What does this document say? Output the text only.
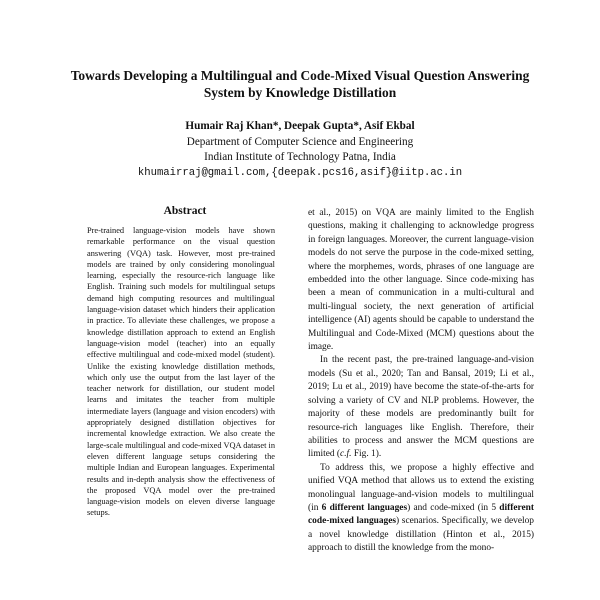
Towards Developing a Multilingual and Code-Mixed Visual Question Answering System by Knowledge Distillation
Humair Raj Khan*, Deepak Gupta*, Asif Ekbal
Department of Computer Science and Engineering
Indian Institute of Technology Patna, India
khumairraj@gmail.com,{deepak.pcs16,asif}@iitp.ac.in
Abstract
Pre-trained language-vision models have shown remarkable performance on the visual question answering (VQA) task. However, most pre-trained models are trained by only considering monolingual learning, especially the resource-rich language like English. Training such models for multilingual setups demand high computing resources and multilingual language-vision dataset which hinders their application in practice. To alleviate these challenges, we propose a knowledge distillation approach to extend an English language-vision model (teacher) into an equally effective multilingual and code-mixed model (student). Unlike the existing knowledge distillation methods, which only use the output from the last layer of the teacher network for distillation, our student model learns and imitates the teacher from multiple intermediate layers (language and vision encoders) with appropriately designed distillation objectives for incremental knowledge extraction. We also create the large-scale multilingual and code-mixed VQA dataset in eleven different language setups considering the multiple Indian and European languages. Experimental results and in-depth analysis show the effectiveness of the proposed VQA model over the pre-trained language-vision models on eleven diverse language setups.

et al., 2015) on VQA are mainly limited to the English questions, making it challenging to acknowledge progress in foreign languages. Moreover, the current language-vision models do not serve the purpose in the code-mixed setting, where the morphemes, words, phrases of one language are embedded into the other language. Since code-mixing has been a mean of communication in a multi-cultural and multi-lingual society, the next generation of artificial intelligence (AI) agents should be capable to understand the Multilingual and Code-Mixed (MCM) questions about the image.

In the recent past, the pre-trained language-and-vision models (Su et al., 2020; Tan and Bansal, 2019; Li et al., 2019; Lu et al., 2019) have become the state-of-the-arts for solving a variety of CV and NLP problems. However, the majority of these models are predominantly built for resource-rich languages like English. Therefore, their abilities to process and answer the MCM questions are limited (c.f. Fig. 1).

To address this, we propose a highly effective and unified VQA method that allows us to extend the existing monolingual language-and-vision models to multilingual (in 6 different languages) and code-mixed (in 5 different code-mixed languages) scenarios. Specifically, we develop a novel knowledge distillation (Hinton et al., 2015) approach to distill the knowledge from the mono-
